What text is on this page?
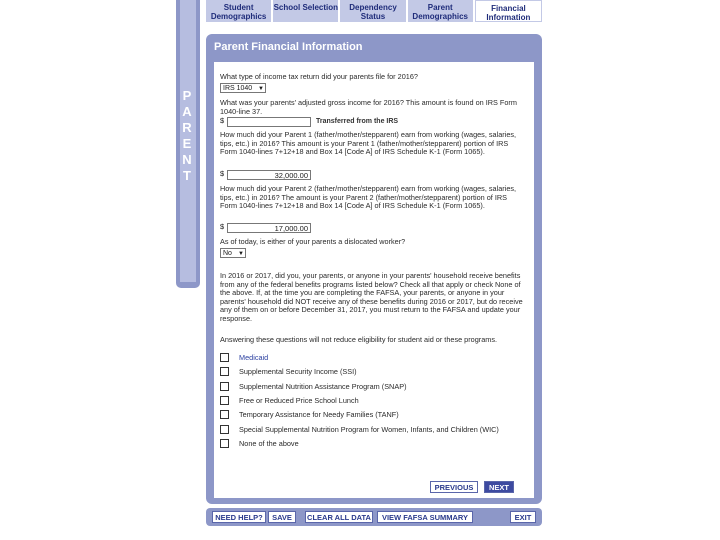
P
A
R
E
N
T
Student Demographics
School Selection	Dependency Status
Parent Demographics
Financial Information
Parent Financial Information
What type of income tax return did your parents file for 2016?
IRS 1040 ▼
What was your parents' adjusted gross income for 2016? This amount is found on IRS Form 1040-line 37.
$	Transferred from the IRS
How much did your Parent 1 (father/mother/stepparent) earn from working (wages, salaries, tips, etc.) in 2016? This amount is your Parent 1 (father/mother/stepparent) portion of IRS Form 1040-lines 7+12+18 and Box 14 [Code A] of IRS Schedule K-1 (Form 1065).
$	32,000.00
How much did your Parent 2 (father/mother/stepparent) earn from working (wages, salaries, tips, etc.) in 2016? The amount is your Parent 2 (father/mother/stepparent) portion of IRS Form 1040-lines 7+12+18 and Box 14 [Code A] of IRS Schedule K-1 (Form 1065).
$	17,000.00
As of today, is either of your parents a dislocated worker?
No ▼
In 2016 or 2017, did you, your parents, or anyone in your parents' household receive benefits from any of the federal benefits programs listed below? Check all that apply or check None of the above. If, at the time you are completing the FAFSA, your parents, or anyone in your parents' household did NOT receive any of these benefits during 2016 or 2017, but do receive any of them on or before December 31, 2017, you must return to the FAFSA and update your response.
Answering these questions will not reduce eligibility for student aid or these programs.
Medicaid
Supplemental Security Income (SSI)
Supplemental Nutrition Assistance Program (SNAP)
Free or Reduced Price School Lunch
Temporary Assistance for Needy Families (TANF)
Special Supplemental Nutrition Program for Women, Infants, and Children (WIC)
None of the above
PREVIOUS	NEXT
NEED HELP?	SAVE	CLEAR ALL DATA	VIEW FAFSA SUMMARY	EXIT
